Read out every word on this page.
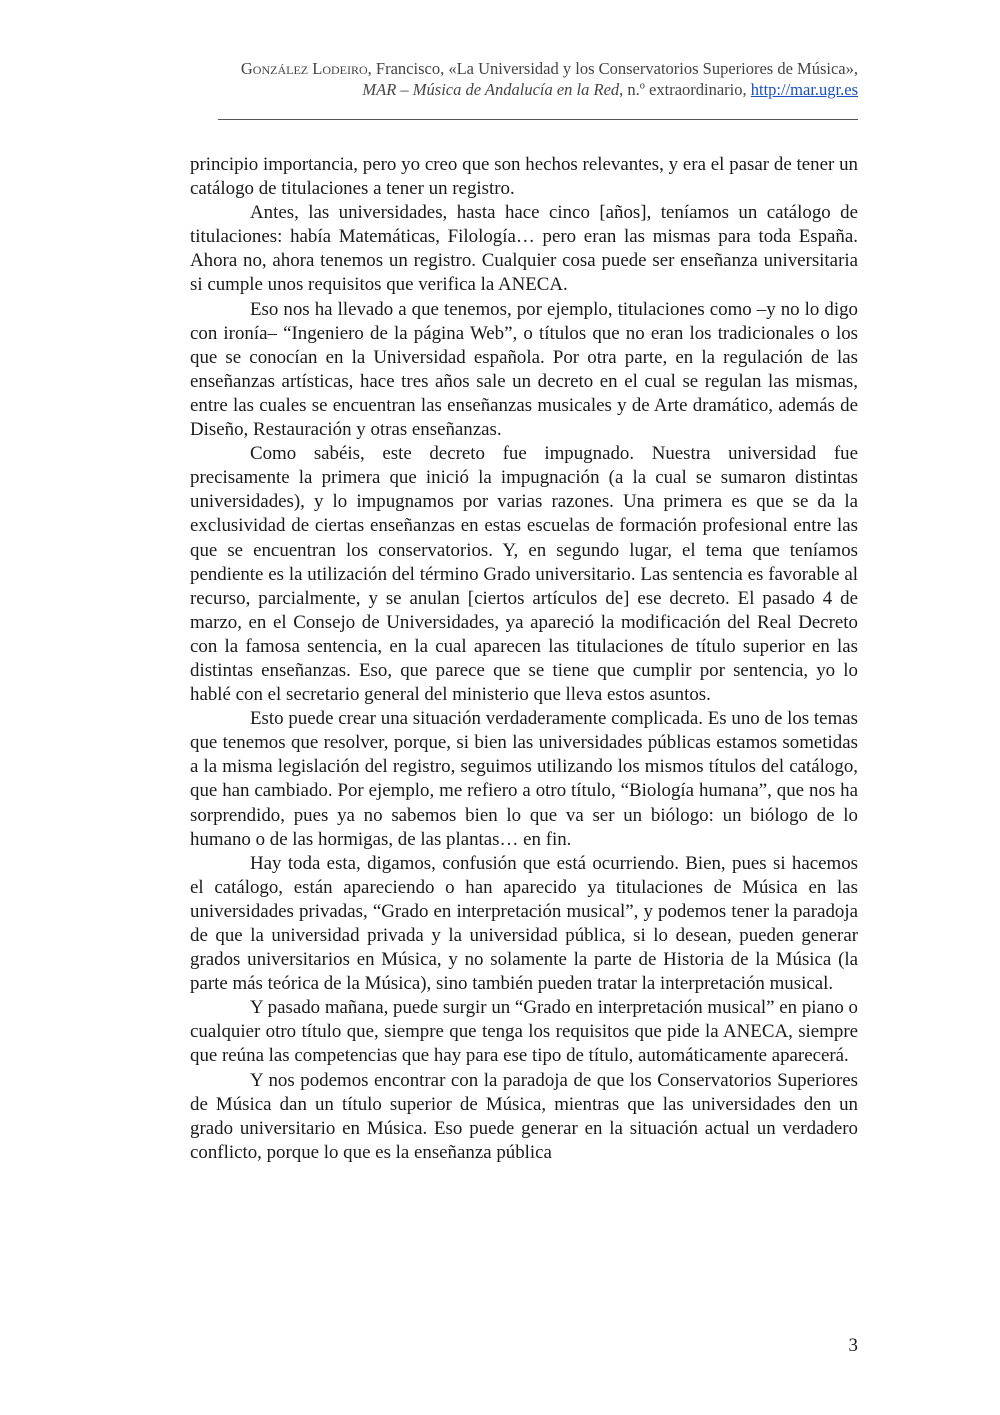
González Lodeiro, Francisco, «La Universidad y los Conservatorios Superiores de Música»,
MAR – Música de Andalucía en la Red, n.º extraordinario, http://mar.ugr.es

principio importancia, pero yo creo que son hechos relevantes, y era el pasar de tener un catálogo de titulaciones a tener un registro.

Antes, las universidades, hasta hace cinco [años], teníamos un catálogo de titulaciones: había Matemáticas, Filología… pero eran las mismas para toda España. Ahora no, ahora tenemos un registro. Cualquier cosa puede ser enseñanza universitaria si cumple unos requisitos que verifica la ANECA.

Eso nos ha llevado a que tenemos, por ejemplo, titulaciones como –y no lo digo con ironía– “Ingeniero de la página Web”, o títulos que no eran los tradicionales o los que se conocían en la Universidad española. Por otra parte, en la regulación de las enseñanzas artísticas, hace tres años sale un decreto en el cual se regulan las mismas, entre las cuales se encuentran las enseñanzas musicales y de Arte dramático, además de Diseño, Restauración y otras enseñanzas.

Como sabéis, este decreto fue impugnado. Nuestra universidad fue precisamente la primera que inició la impugnación (a la cual se sumaron distintas universidades), y lo impugnamos por varias razones. Una primera es que se da la exclusividad de ciertas enseñanzas en estas escuelas de formación profesional entre las que se encuentran los conservatorios. Y, en segundo lugar, el tema que teníamos pendiente es la utilización del término Grado universitario. Las sentencia es favorable al recurso, parcialmente, y se anulan [ciertos artículos de] ese decreto. El pasado 4 de marzo, en el Consejo de Universidades, ya apareció la modificación del Real Decreto con la famosa sentencia, en la cual aparecen las titulaciones de título superior en las distintas enseñanzas. Eso, que parece que se tiene que cumplir por sentencia, yo lo hablé con el secretario general del ministerio que lleva estos asuntos.

Esto puede crear una situación verdaderamente complicada. Es uno de los temas que tenemos que resolver, porque, si bien las universidades públicas estamos sometidas a la misma legislación del registro, seguimos utilizando los mismos títulos del catálogo, que han cambiado. Por ejemplo, me refiero a otro título, “Biología humana”, que nos ha sorprendido, pues ya no sabemos bien lo que va ser un biólogo: un biólogo de lo humano o de las hormigas, de las plantas… en fin.

Hay toda esta, digamos, confusión que está ocurriendo. Bien, pues si hacemos el catálogo, están apareciendo o han aparecido ya titulaciones de Música en las universidades privadas, “Grado en interpretación musical”, y podemos tener la paradoja de que la universidad privada y la universidad pública, si lo desean, pueden generar grados universitarios en Música, y no solamente la parte de Historia de la Música (la parte más teórica de la Música), sino también pueden tratar la interpretación musical.

Y pasado mañana, puede surgir un “Grado en interpretación musical” en piano o cualquier otro título que, siempre que tenga los requisitos que pide la ANECA, siempre que reúna las competencias que hay para ese tipo de título, automáticamente aparecerá.

Y nos podemos encontrar con la paradoja de que los Conservatorios Superiores de Música dan un título superior de Música, mientras que las universidades den un grado universitario en Música. Eso puede generar en la situación actual un verdadero conflicto, porque lo que es la enseñanza pública

3
